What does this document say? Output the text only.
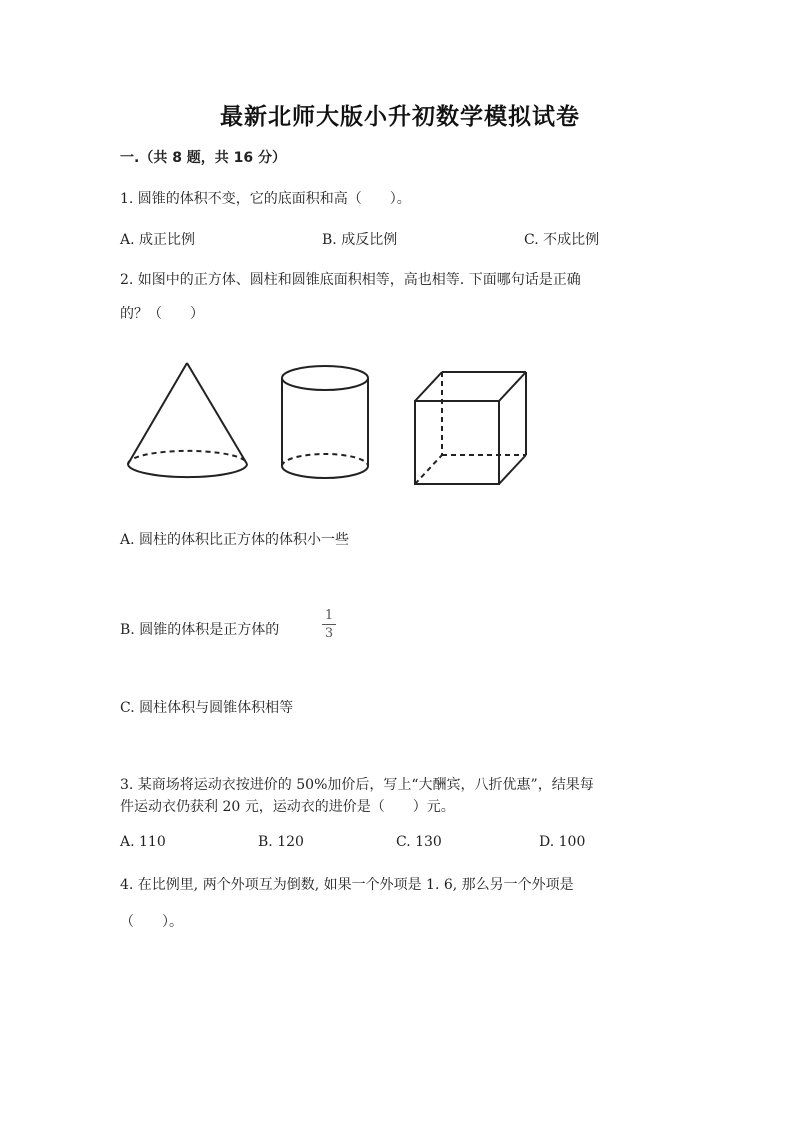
最新北师大版小升初数学模拟试卷
一.（共 8 题，共 16 分）
1. 圆锥的体积不变，它的底面积和高（　　）。
A. 成正比例	B. 成反比例	C. 不成比例
2. 如图中的正方体、圆柱和圆锥底面积相等，高也相等. 下面哪句话是正确
的？（　　）
A. 圆柱的体积比正方体的体积小一些
B. 圆锥的体积是正方体的
1
3
C. 圆柱体积与圆锥体积相等
3. 某商场将运动衣按进价的 50%加价后，写上“大酬宾，八折优惠”，结果每
件运动衣仍获利 20 元，运动衣的进价是（　　）元。
A. 110	B. 120	C. 130	D. 100
4. 在比例里, 两个外项互为倒数, 如果一个外项是 1. 6, 那么另一个外项是
（　　）。
